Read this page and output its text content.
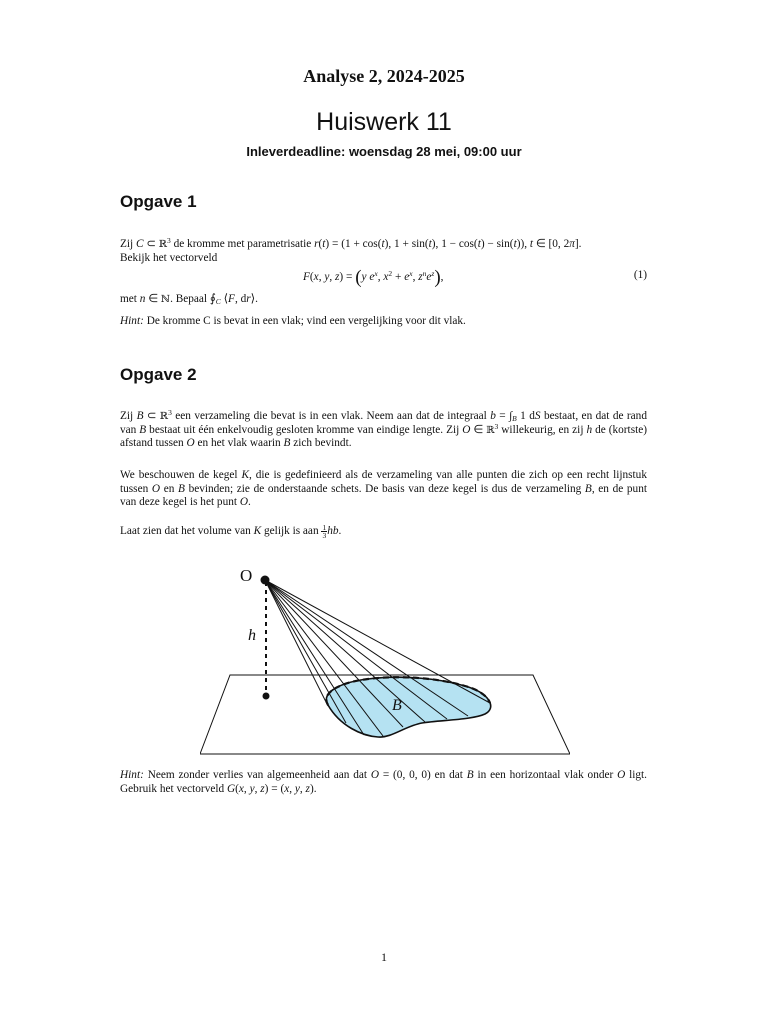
Analyse 2, 2024-2025
Huiswerk 11
Inleverdeadline: woensdag 28 mei, 09:00 uur
Opgave 1
Zij C ⊂ ℝ$^3$ de kromme met parametrisatie r(t) = (1 + cos(t), 1 + sin(t), 1 − cos(t) − sin(t)), t ∈ [0, 2π].
Bekijk het vectorveld
F(x, y, z) = (y $e^x$, $x^2 + e^x$, $z^ne^z$),	(1)
met n ∈ ℕ. Bepaal $∮_C$ ⟨F, dr⟩.
Hint: De kromme C is bevat in een vlak; vind een vergelijking voor dit vlak.
Opgave 2
Zij B ⊂ ℝ$^3$ een verzameling die bevat is in een vlak. Neem aan dat de integraal $b = \int_B$ 1 dS bestaat, en dat de rand van B bestaat uit één enkelvoudig gesloten kromme van eindige lengte. Zij O ∈ ℝ$^3$ willekeurig, en zij h de (kortste) afstand tussen O en het vlak waarin B zich bevindt.
We beschouwen de kegel K, die is gedefinieerd als de verzameling van alle punten die zich op een recht lijnstuk tussen O en B bevinden; zie de onderstaande schets. De basis van deze kegel is dus de verzameling B, en de punt van deze kegel is het punt O.
Laat zien dat het volume van K gelijk is aan $\frac{1}{3}$ hb.
O
h
B
Hint: Neem zonder verlies van algemeenheid aan dat O = (0, 0, 0) en dat B in een horizontaal vlak onder O ligt. Gebruik het vectorveld G(x, y, z) = (x, y, z).
1
